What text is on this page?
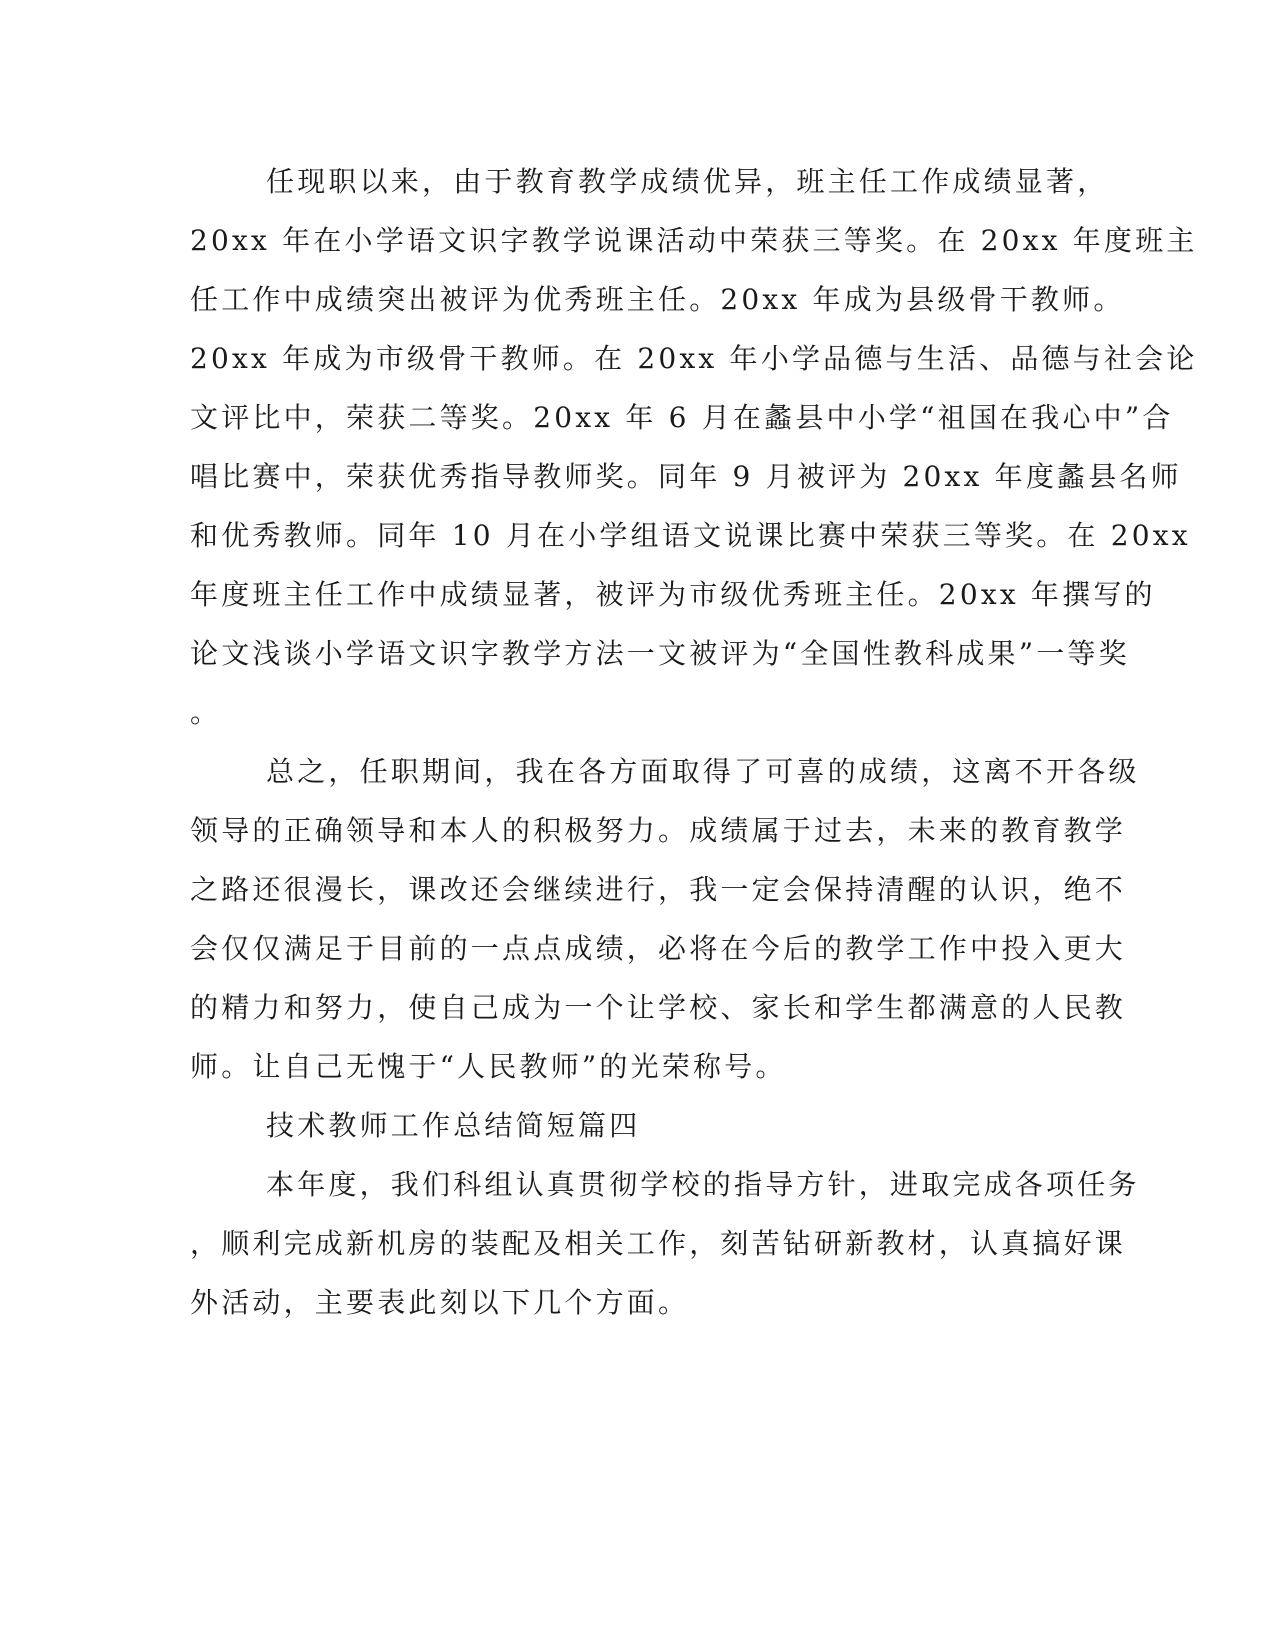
任现职以来，由于教育教学成绩优异，班主任工作成绩显著，
20xx 年在小学语文识字教学说课活动中荣获三等奖。在 20xx 年度班主
任工作中成绩突出被评为优秀班主任。20xx 年成为县级骨干教师。
20xx 年成为市级骨干教师。在 20xx 年小学品德与生活、品德与社会论
文评比中，荣获二等奖。20xx 年 6 月在蠡县中小学“祖国在我心中”合
唱比赛中，荣获优秀指导教师奖。同年 9 月被评为 20xx 年度蠡县名师
和优秀教师。同年 10 月在小学组语文说课比赛中荣获三等奖。在 20xx
年度班主任工作中成绩显著，被评为市级优秀班主任。20xx 年撰写的
论文浅谈小学语文识字教学方法一文被评为“全国性教科成果”一等奖
。
总之，任职期间，我在各方面取得了可喜的成绩，这离不开各级
领导的正确领导和本人的积极努力。成绩属于过去，未来的教育教学
之路还很漫长，课改还会继续进行，我一定会保持清醒的认识，绝不
会仅仅满足于目前的一点点成绩，必将在今后的教学工作中投入更大
的精力和努力，使自己成为一个让学校、家长和学生都满意的人民教
师。让自己无愧于“人民教师”的光荣称号。
技术教师工作总结简短篇四
本年度，我们科组认真贯彻学校的指导方针，进取完成各项任务
，顺利完成新机房的装配及相关工作，刻苦钻研新教材，认真搞好课
外活动，主要表此刻以下几个方面。
